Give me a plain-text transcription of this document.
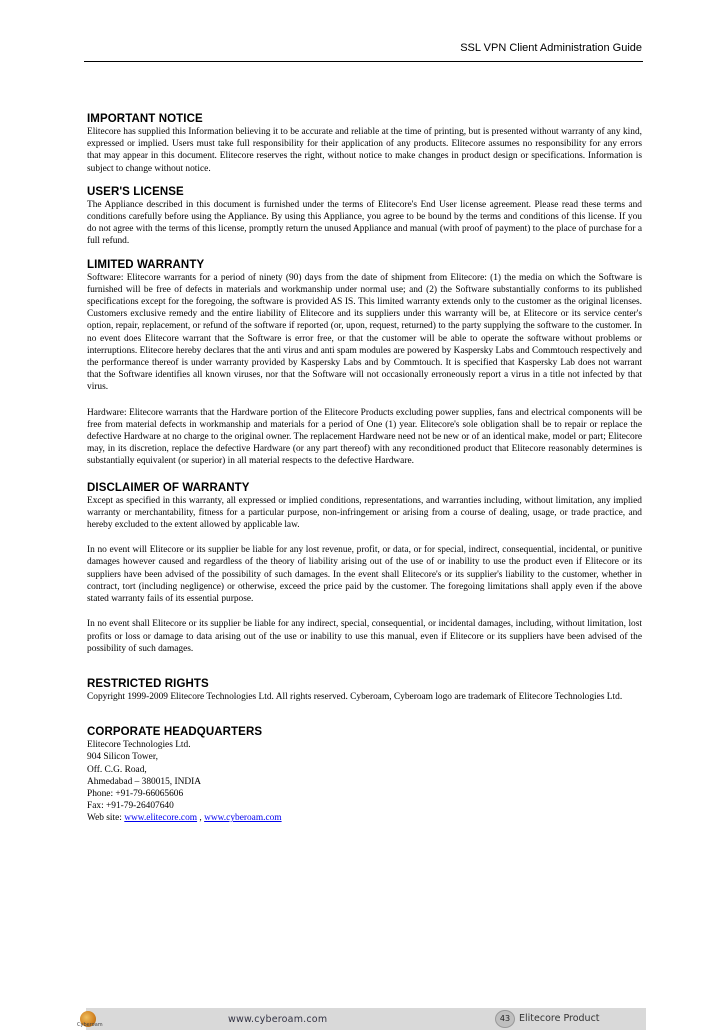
SSL VPN Client Administration Guide
IMPORTANT NOTICE

Elitecore has supplied this Information believing it to be accurate and reliable at the time of printing, but is presented without warranty of any kind, expressed or implied. Users must take full responsibility for their application of any products. Elitecore assumes no responsibility for any errors that may appear in this document. Elitecore reserves the right, without notice to make changes in product design or specifications. Information is subject to change without notice.

USER'S LICENSE

The Appliance described in this document is furnished under the terms of Elitecore's End User license agreement. Please read these terms and conditions carefully before using the Appliance. By using this Appliance, you agree to be bound by the terms and conditions of this license. If you do not agree with the terms of this license, promptly return the unused Appliance and manual (with proof of payment) to the place of purchase for a full refund.

LIMITED WARRANTY

Software: Elitecore warrants for a period of ninety (90) days from the date of shipment from Elitecore: (1) the media on which the Software is furnished will be free of defects in materials and workmanship under normal use; and (2) the Software substantially conforms to its published specifications except for the foregoing, the software is provided AS IS. This limited warranty extends only to the customer as the original licenses. Customers exclusive remedy and the entire liability of Elitecore and its suppliers under this warranty will be, at Elitecore or its service center's option, repair, replacement, or refund of the software if reported (or, upon, request, returned) to the party supplying the software to the customer. In no event does Elitecore warrant that the Software is error free, or that the customer will be able to operate the software without problems or interruptions. Elitecore hereby declares that the anti virus and anti spam modules are powered by Kaspersky Labs and Commtouch respectively and the performance thereof is under warranty provided by Kaspersky Labs and by Commtouch. It is specified that Kaspersky Lab does not warrant that the Software identifies all known viruses, nor that the Software will not occasionally erroneously report a virus in a title not infected by that virus.

Hardware: Elitecore warrants that the Hardware portion of the Elitecore Products excluding power supplies, fans and electrical components will be free from material defects in workmanship and materials for a period of One (1) year. Elitecore's sole obligation shall be to repair or replace the defective Hardware at no charge to the original owner. The replacement Hardware need not be new or of an identical make, model or part; Elitecore may, in its discretion, replace the defective Hardware (or any part thereof) with any reconditioned product that Elitecore reasonably determines is substantially equivalent (or superior) in all material respects to the defective Hardware.

DISCLAIMER OF WARRANTY

Except as specified in this warranty, all expressed or implied conditions, representations, and warranties including, without limitation, any implied warranty or merchantability, fitness for a particular purpose, non-infringement or arising from a course of dealing, usage, or trade practice, and hereby excluded to the extent allowed by applicable law.

In no event will Elitecore or its supplier be liable for any lost revenue, profit, or data, or for special, indirect, consequential, incidental, or punitive damages however caused and regardless of the theory of liability arising out of the use of or inability to use the product even if Elitecore or its suppliers have been advised of the possibility of such damages. In the event shall Elitecore's or its supplier's liability to the customer, whether in contract, tort (including negligence) or otherwise, exceed the price paid by the customer. The foregoing limitations shall apply even if the above stated warranty fails of its essential purpose.

In no event shall Elitecore or its supplier be liable for any indirect, special, consequential, or incidental damages, including, without limitation, lost profits or loss or damage to data arising out of the use or inability to use this manual, even if Elitecore or its suppliers have been advised of the possibility of such damages.

RESTRICTED RIGHTS

Copyright 1999-2009 Elitecore Technologies Ltd. All rights reserved. Cyberoam, Cyberoam logo are trademark of Elitecore Technologies Ltd.

CORPORATE HEADQUARTERS
Elitecore Technologies Ltd.
904 Silicon Tower,
Off. C.G. Road,
Ahmedabad – 380015, INDIA
Phone: +91-79-66065606
Fax: +91-79-26407640
Web site: www.elitecore.com , www.cyberoam.com
Cyberoam	www.cyberoam.com	43 Elitecore Product
